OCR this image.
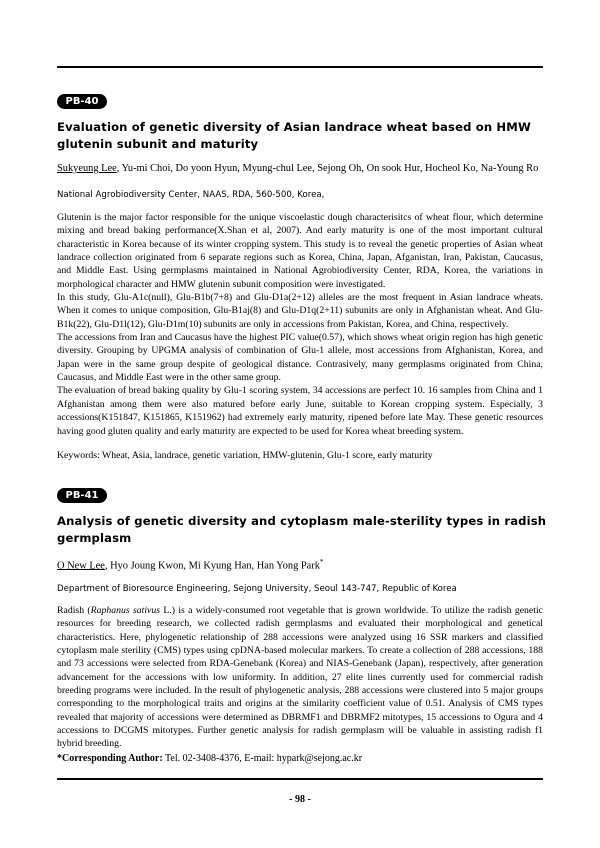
PB-40
Evaluation of genetic diversity of Asian landrace wheat based on HMW glutenin subunit and maturity
Sukyeung Lee, Yu-mi Choi, Do yoon Hyun, Myung-chul Lee, Sejong Oh, On sook Hur, Hocheol Ko, Na-Young Ro
National Agrobiodiversity Center, NAAS, RDA, 560-500, Korea,

Glutenin is the major factor responsible for the unique viscoelastic dough characterisitcs of wheat flour, which determine mixing and bread baking performance(X.Shan et al, 2007). And early maturity is one of the most important cultural characteristic in Korea because of its winter cropping system. This study is to reveal the genetic properties of Asian wheat landrace collection originated from 6 separate regions such as Korea, China, Japan, Afganistan, Iran, Pakistan, Caucasus, and Middle East. Using germplasms maintained in National Agrobiodiversity Center, RDA, Korea, the variations in morphological character and HMW glutenin subunit composition were investigated.

In this study, Glu-A1c(null), Glu-B1b(7+8) and Glu-D1a(2+12) alleles are the most frequent in Asian landrace wheats. When it comes to unique composition, Glu-B1aj(8) and Glu-D1q(2+11) subunits are only in Afghanistan wheat. And Glu-B1k(22), Glu-D1l(12), Glu-D1m(10) subunits are only in accessions from Pakistan, Korea, and China, respectively.

The accessions from Iran and Caucasus have the highest PIC value(0.57), which shows wheat origin region has high genetic diversity. Grouping by UPGMA analysis of combination of Glu-1 allele, most accessions from Afghanistan, Korea, and Japan were in the same group despite of geological distance. Contrasively, many germplasms originated from China, Caucasus, and Middle East were in the other same group.

The evaluation of bread baking quality by Glu-1 scoring system, 34 accessions are perfect 10. 16 samples from China and 1 Afghanistan among them were also matured before early June, suitable to Korean cropping system. Especially, 3 accessions(K151847, K151865, K151962) had extremely early maturity, ripened before late May. These genetic resources having good gluten quality and early maturity are expected to be used for Korea wheat breeding system.

Keywords: Wheat, Asia, landrace, genetic variation, HMW-glutenin, Glu-1 score, early maturity
PB-41
Analysis of genetic diversity and cytoplasm male-sterility types in radish germplasm
O New Lee, Hyo Joung Kwon, Mi Kyung Han, Han Yong Park*
Department of Bioresource Engineering, Sejong University, Seoul 143-747, Republic of Korea

Radish (Raphanus sativus L.) is a widely-consumed root vegetable that is grown worldwide. To utilize the radish genetic resources for breeding research, we collected radish germplasms and evaluated their morphological and genetical characteristics. Here, phylogenetic relationship of 288 accessions were analyzed using 16 SSR markers and classified cytoplasm male sterility (CMS) types using cpDNA-based molecular markers. To create a collection of 288 accessions, 188 and 73 accessions were selected from RDA-Genebank (Korea) and NIAS-Genebank (Japan), respectively, after generation advancement for the accessions with low uniformity. In addition, 27 elite lines currently used for commercial radish breeding programs were included. In the result of phylogenetic analysis, 288 accessions were clustered into 5 major groups corresponding to the morphological traits and origins at the similarity coefficient value of 0.51. Analysis of CMS types revealed that majority of accessions were determined as DBRMF1 and DBRMF2 mitotypes, 15 accessions to Ogura and 4 accessions to DCGMS mitotypes. Further genetic analysis for radish germplasm will be valuable in assisting radish f1 hybrid breeding.

*Corresponding Author: Tel. 02-3408-4376, E-mail: hypark@sejong.ac.kr
- 98 -
